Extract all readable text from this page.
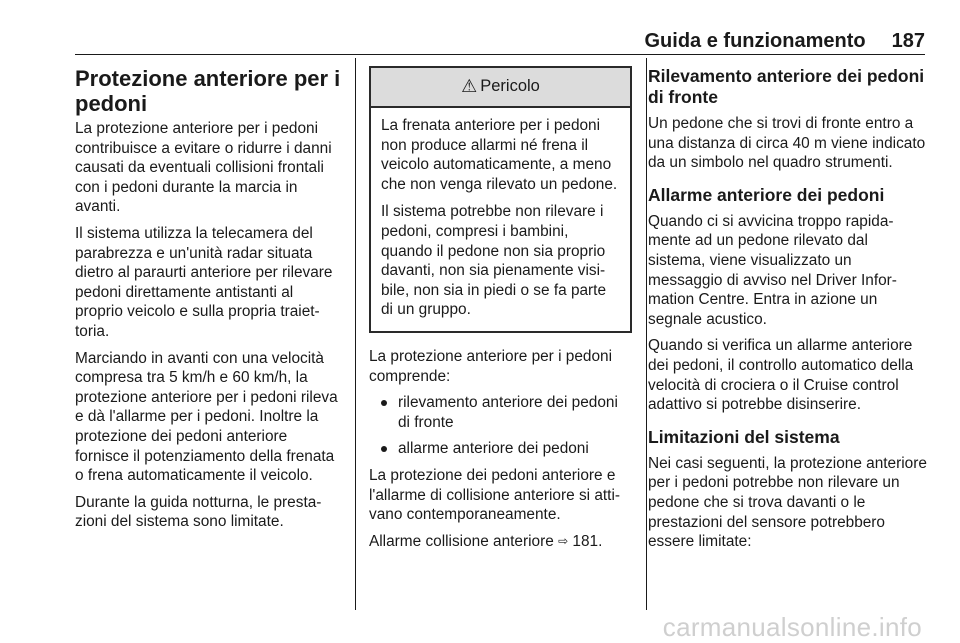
Guida e funzionamento 187
Protezione anteriore per i pedoni

La protezione anteriore per i pedoni contribuisce a evitare o ridurre i danni causati da eventuali collisioni frontali con i pedoni durante la marcia in avanti.

Il sistema utilizza la telecamera del parabrezza e un'unità radar situata dietro al paraurti anteriore per rilevare pedoni direttamente antistanti al proprio veicolo e sulla propria traiettoria.

Marciando in avanti con una velocità compresa tra 5 km/h e 60 km/h, la protezione anteriore per i pedoni rileva e dà l'allarme per i pedoni. Inoltre la protezione dei pedoni anteriore fornisce il potenziamento della frenata o frena automaticamente il veicolo.

Durante la guida notturna, le prestazioni del sistema sono limitate.

⚠ Pericolo

La frenata anteriore per i pedoni non produce allarmi né frena il veicolo automaticamente, a meno che non venga rilevato un pedone.

Il sistema potrebbe non rilevare i pedoni, compresi i bambini, quando il pedone non sia proprio davanti, non sia pienamente visibile, non sia in piedi o se fa parte di un gruppo.

La protezione anteriore per i pedoni comprende:

rilevamento anteriore dei pedoni di fronte
allarme anteriore dei pedoni

La protezione dei pedoni anteriore e l'allarme di collisione anteriore si attivano contemporaneamente.

Allarme collisione anteriore ⇨ 181.

Rilevamento anteriore dei pedoni di fronte

Un pedone che si trovi di fronte entro a una distanza di circa 40 m viene indicato da un simbolo nel quadro strumenti.

Allarme anteriore dei pedoni

Quando ci si avvicina troppo rapidamente ad un pedone rilevato dal sistema, viene visualizzato un messaggio di avviso nel Driver Information Centre. Entra in azione un segnale acustico.

Quando si verifica un allarme anteriore dei pedoni, il controllo automatico della velocità di crociera o il Cruise control adattivo si potrebbe disinserire.

Limitazioni del sistema

Nei casi seguenti, la protezione anteriore per i pedoni potrebbe non rilevare un pedone che si trova davanti o le prestazioni del sensore potrebbero essere limitate:

carmanualsonline.info
